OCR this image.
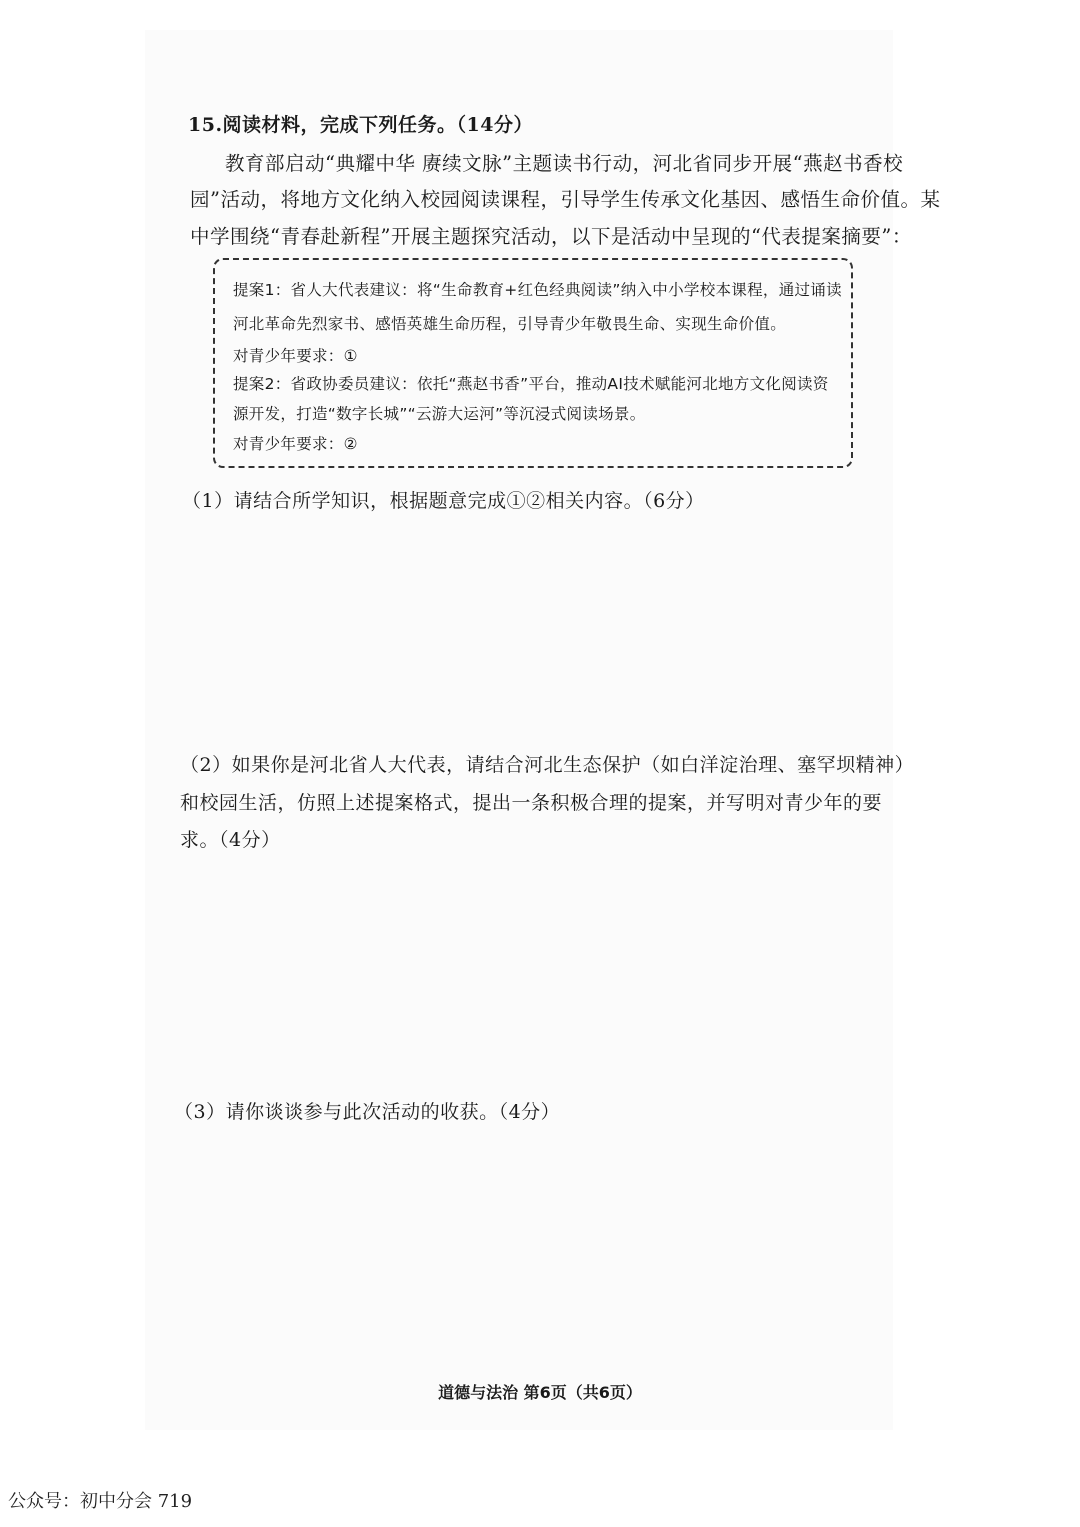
15.阅读材料，完成下列任务。（14分）
教育部启动“典耀中华 赓续文脉”主题读书行动，河北省同步开展“燕赵书香校
园”活动，将地方文化纳入校园阅读课程，引导学生传承文化基因、感悟生命价值。某
中学围绕“青春赴新程”开展主题探究活动，以下是活动中呈现的“代表提案摘要”：
提案1：省人大代表建议：将“生命教育+红色经典阅读”纳入中小学校本课程，通过诵读
河北革命先烈家书、感悟英雄生命历程，引导青少年敬畏生命、实现生命价值。
对青少年要求：①
提案2：省政协委员建议：依托“燕赵书香”平台，推动AI技术赋能河北地方文化阅读资
源开发，打造“数字长城”“云游大运河”等沉浸式阅读场景。
对青少年要求：②
（1）请结合所学知识，根据题意完成①②相关内容。（6分）
（2）如果你是河北省人大代表，请结合河北生态保护（如白洋淀治理、塞罕坝精神）
和校园生活，仿照上述提案格式，提出一条积极合理的提案，并写明对青少年的要
求。（4分）
（3）请你谈谈参与此次活动的收获。（4分）
道德与法治 第6页（共6页）
公众号：初中分会 719
